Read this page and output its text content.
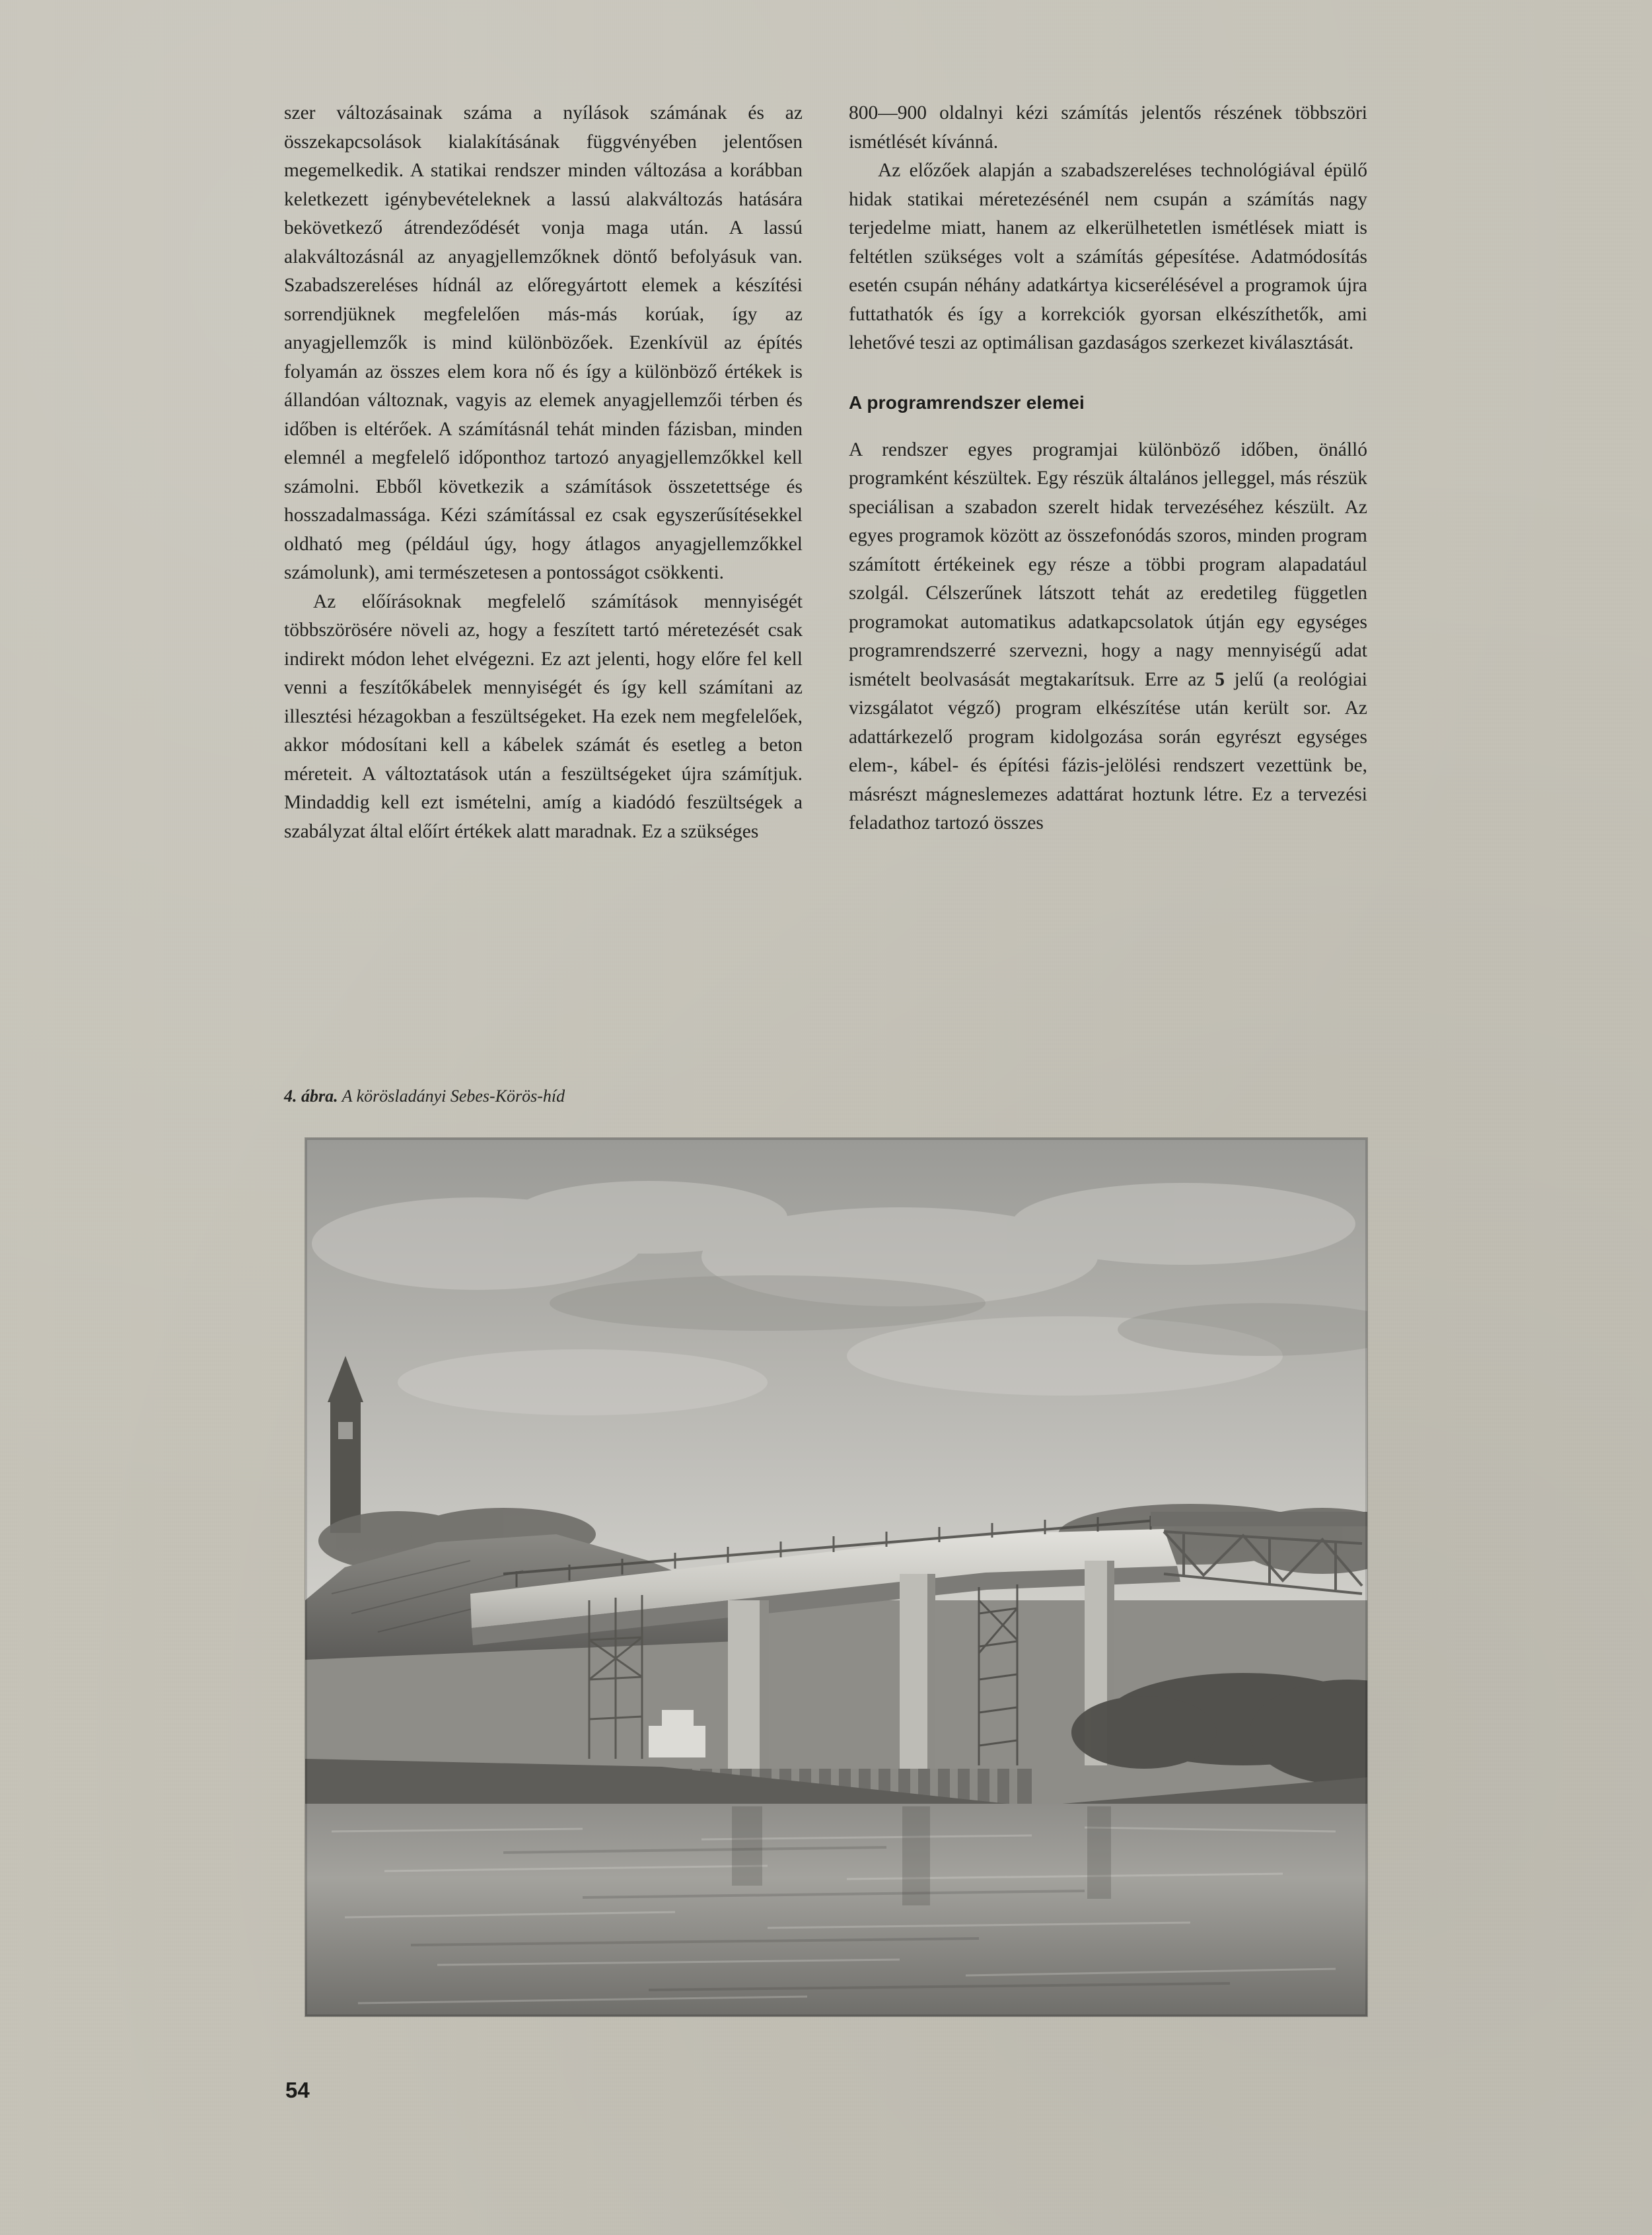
szer változásainak száma a nyílások számának és az összekapcsolások kialakításának függvényében jelentősen megemelkedik. A statikai rendszer minden változása a korábban keletkezett igénybevételeknek a lassú alakváltozás hatására bekövetkező átrendeződését vonja maga után. A lassú alakváltozásnál az anyagjellemzőknek döntő befolyásuk van. Szabadszereléses hídnál az előregyártott elemek a készítési sorrendjüknek megfelelően más-más korúak, így az anyagjellemzők is mind különbözőek. Ezenkívül az építés folyamán az összes elem kora nő és így a különböző értékek is állandóan változnak, vagyis az elemek anyagjellemzői térben és időben is eltérőek. A számításnál tehát minden fázisban, minden elemnél a megfelelő időponthoz tartozó anyagjellemzőkkel kell számolni. Ebből következik a számítások összetettsége és hosszadalmassága. Kézi számítással ez csak egyszerűsítésekkel oldható meg (például úgy, hogy átlagos anyagjellemzőkkel számolunk), ami természetesen a pontosságot csökkenti.

Az előírásoknak megfelelő számítások mennyiségét többszörösére növeli az, hogy a feszített tartó méretezését csak indirekt módon lehet elvégezni. Ez azt jelenti, hogy előre fel kell venni a feszítőkábelek mennyiségét és így kell számítani az illesztési hézagokban a feszültségeket. Ha ezek nem megfelelőek, akkor módosítani kell a kábelek számát és esetleg a beton méreteit. A változtatások után a feszültségeket újra számítjuk. Mindaddig kell ezt ismételni, amíg a kiadódó feszültségek a szabályzat által előírt értékek alatt maradnak. Ez a szükséges

800—900 oldalnyi kézi számítás jelentős részének többszöri ismétlését kívánná.

Az előzőek alapján a szabadszereléses technológiával épülő hidak statikai méretezésénél nem csupán a számítás nagy terjedelme miatt, hanem az elkerülhetetlen ismétlések miatt is feltétlen szükséges volt a számítás gépesítése. Adatmódosítás esetén csupán néhány adatkártya kicserélésével a programok újra futtathatók és így a korrekciók gyorsan elkészíthetők, ami lehetővé teszi az optimálisan gazdaságos szerkezet kiválasztását.

A programrendszer elemei

A rendszer egyes programjai különböző időben, önálló programként készültek. Egy részük általános jelleggel, más részük speciálisan a szabadon szerelt hidak tervezéséhez készült. Az egyes programok között az összefonódás szoros, minden program számított értékeinek egy része a többi program alapadatául szolgál. Célszerűnek látszott tehát az eredetileg független programokat automatikus adatkapcsolatok útján egy egységes programrendszerré szervezni, hogy a nagy mennyiségű adat ismételt beolvasását megtakarítsuk. Erre az 5 jelű (a reológiai vizsgálatot végző) program elkészítése után került sor. Az adattárkezelő program kidolgozása során egyrészt egységes elem-, kábel- és építési fázis-jelölési rendszert vezettünk be, másrészt mágneslemezes adattárat hoztunk létre. Ez a tervezési feladathoz tartozó összes

4. ábra. A körösladányi Sebes-Körös-híd
54
